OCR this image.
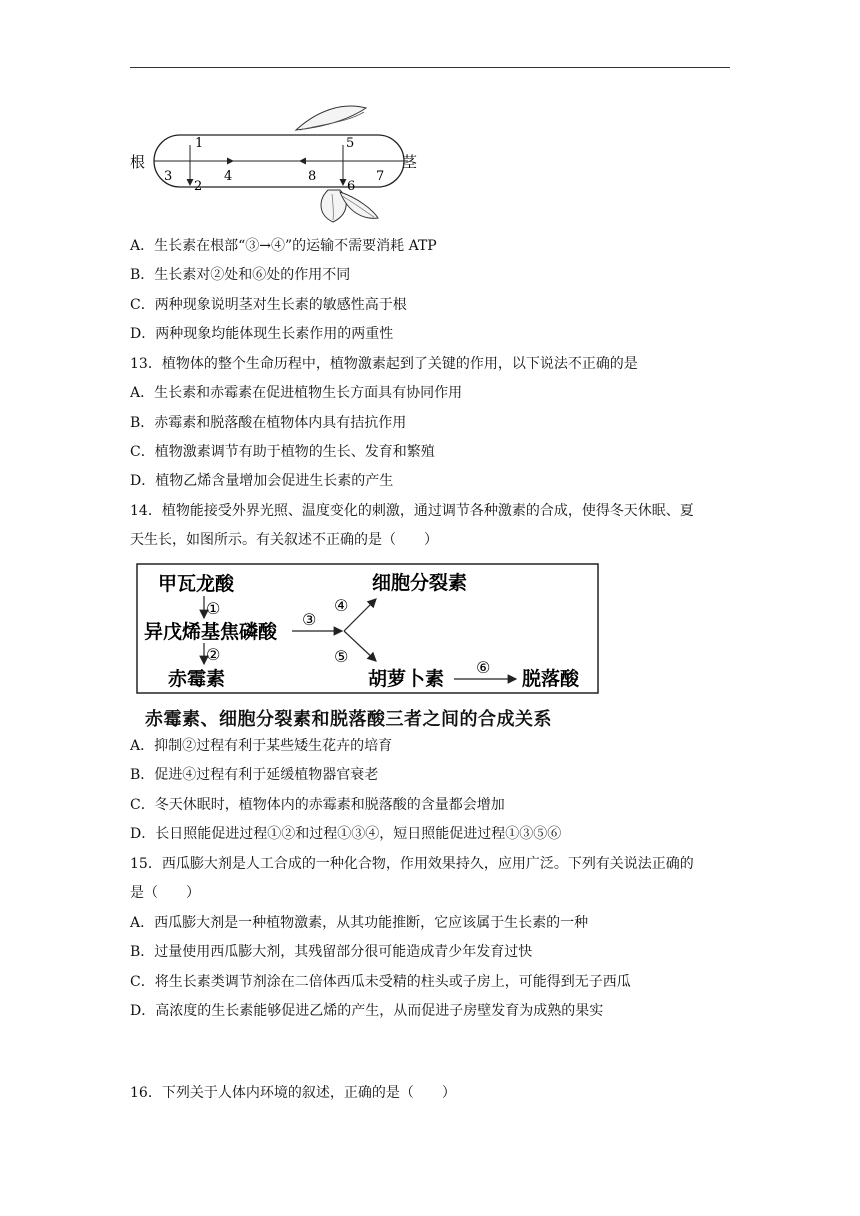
根	茎
1
2
3	4
5
6
7
8
A．生长素在根部“③→④”的运输不需要消耗 ATP
B．生长素对②处和⑥处的作用不同
C．两种现象说明茎对生长素的敏感性高于根
D．两种现象均能体现生长素作用的两重性
13．植物体的整个生命历程中，植物激素起到了关键的作用，以下说法不正确的是
A．生长素和赤霉素在促进植物生长方面具有协同作用
B．赤霉素和脱落酸在植物体内具有拮抗作用
C．植物激素调节有助于植物的生长、发育和繁殖
D．植物乙烯含量增加会促进生长素的产生
14．植物能接受外界光照、温度变化的刺激，通过调节各种激素的合成，使得冬天休眠、夏
天生长，如图所示。有关叙述不正确的是（　　）
甲瓦龙酸
①
异戊烯基焦磷酸
②
赤霉素
③
④
⑤
细胞分裂素
胡萝卜素
⑥
脱落酸
赤霉素、细胞分裂素和脱落酸三者之间的合成关系
A．抑制②过程有利于某些矮生花卉的培育
B．促进④过程有利于延缓植物器官衰老
C．冬天休眠时，植物体内的赤霉素和脱落酸的含量都会增加
D．长日照能促进过程①②和过程①③④，短日照能促进过程①③⑤⑥
15．西瓜膨大剂是人工合成的一种化合物，作用效果持久，应用广泛。下列有关说法正确的
是（　　）
A．西瓜膨大剂是一种植物激素，从其功能推断，它应该属于生长素的一种
B．过量使用西瓜膨大剂，其残留部分很可能造成青少年发育过快
C．将生长素类调节剂涂在二倍体西瓜未受精的柱头或子房上，可能得到无子西瓜
D．高浓度的生长素能够促进乙烯的产生，从而促进子房壁发育为成熟的果实
16．下列关于人体内环境的叙述，正确的是（　　）
